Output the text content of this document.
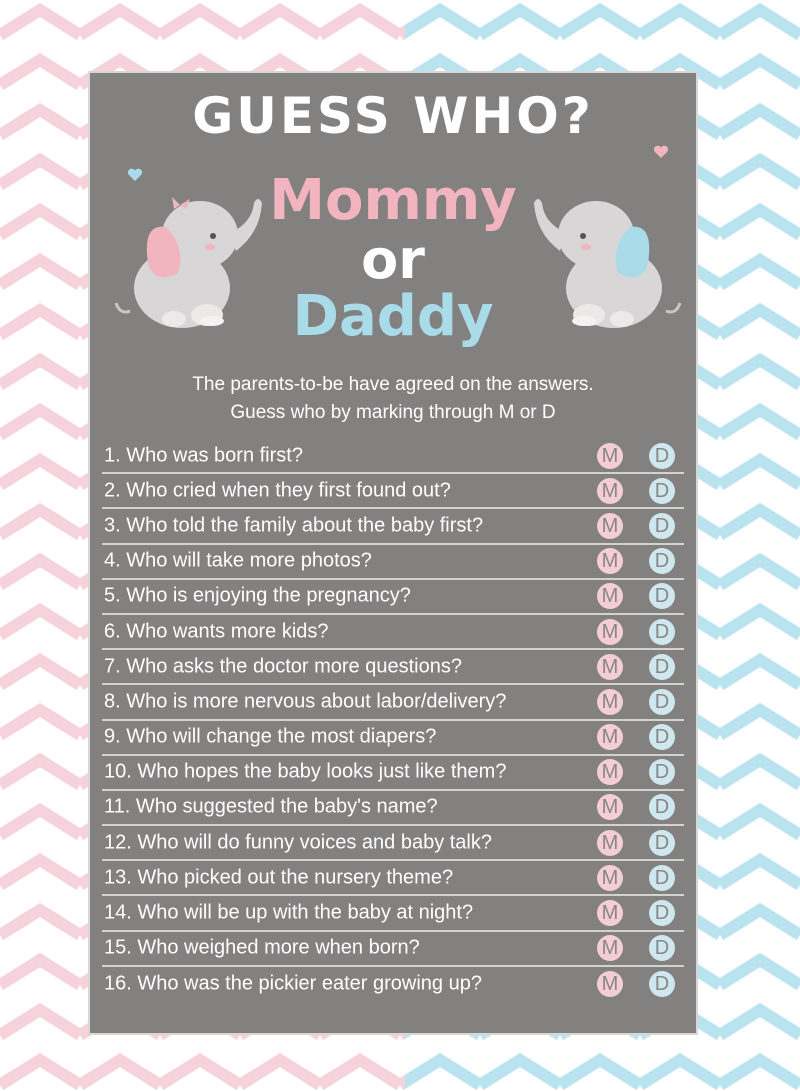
GUESS WHO?
Mommy
or
Daddy

The parents-to-be have agreed on the answers.
Guess who by marking through M or D

1. Who was born first?	M D
2. Who cried when they first found out?	M D
3. Who told the family about the baby first?	M D
4. Who will take more photos?	M D
5. Who is enjoying the pregnancy?	M D
6. Who wants more kids?	M D
7. Who asks the doctor more questions?	M D
8. Who is more nervous about labor/delivery?	M D
9. Who will change the most diapers?	M D
10. Who hopes the baby looks just like them?	M D
11. Who suggested the baby's name?	M D
12. Who will do funny voices and baby talk?	M D
13. Who picked out the nursery theme?	M D
14. Who will be up with the baby at night?	M D
15. Who weighed more when born?	M D
16. Who was the pickier eater growing up?	M D
